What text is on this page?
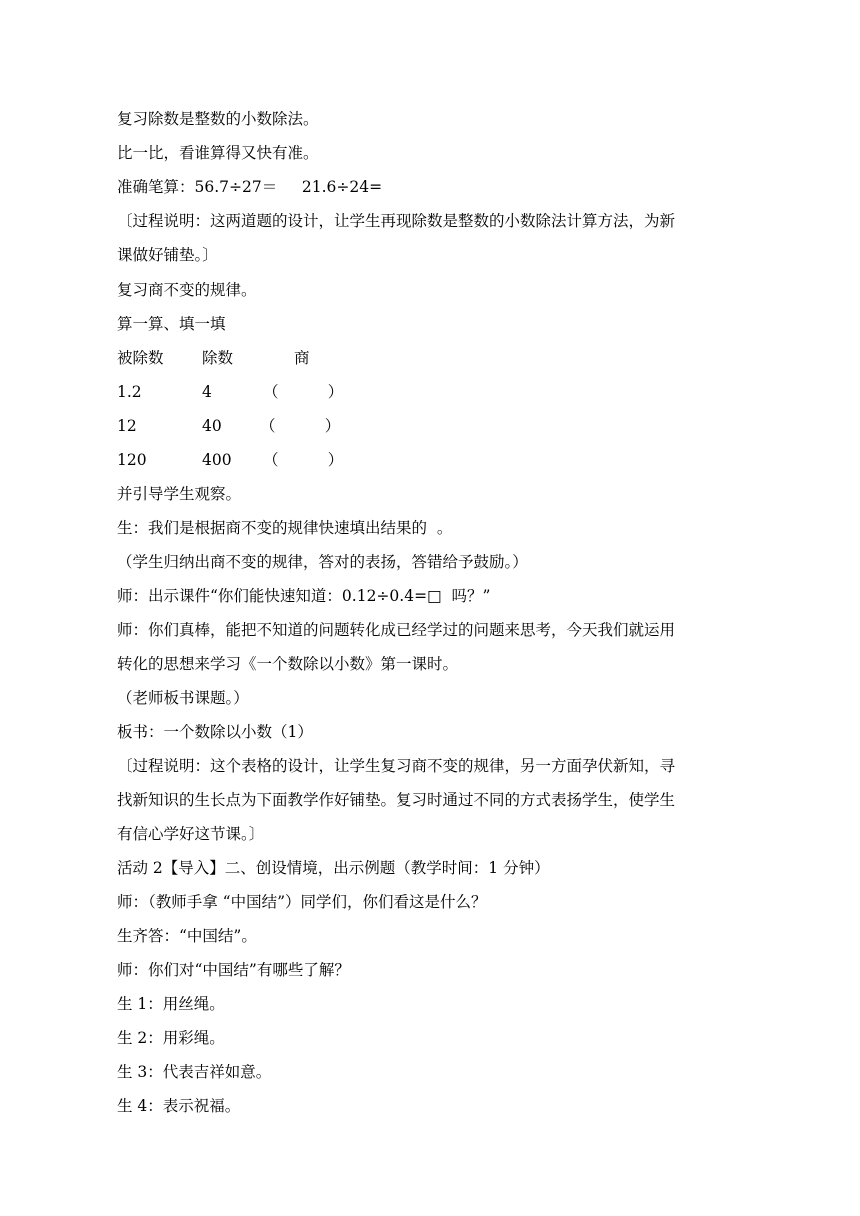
复习除数是整数的小数除法。

比一比，看谁算得又快有准。

准确笔算：56.7÷27＝     21.6÷24=

〔过程说明：这两道题的设计，让学生再现除数是整数的小数除法计算方法，为新

课做好铺垫。〕

复习商不变的规律。

算一算、填一填

被除数 除数	商
1.2	4	（          ）
12	40 （          ）
120	400 （          ）

并引导学生观察。

生：我们是根据商不变的规律快速填出结果的  。

（学生归纳出商不变的规律，答对的表扬，答错给予鼓励。）

师：出示课件“你们能快速知道：0.12÷0.4=□  吗？”

师：你们真棒，能把不知道的问题转化成已经学过的问题来思考，今天我们就运用

转化的思想来学习《一个数除以小数》第一课时。

（老师板书课题。）

板书：一个数除以小数（1）

〔过程说明：这个表格的设计，让学生复习商不变的规律，另一方面孕伏新知，寻

找新知识的生长点为下面教学作好铺垫。复习时通过不同的方式表扬学生，使学生

有信心学好这节课。〕

活动 2【导入】二、创设情境，出示例题（教学时间：1 分钟）

师：（教师手拿 “中国结”）同学们，你们看这是什么？

生齐答：“中国结”。

师：你们对“中国结”有哪些了解？

生 1：用丝绳。

生 2：用彩绳。

生 3：代表吉祥如意。

生 4：表示祝福。
